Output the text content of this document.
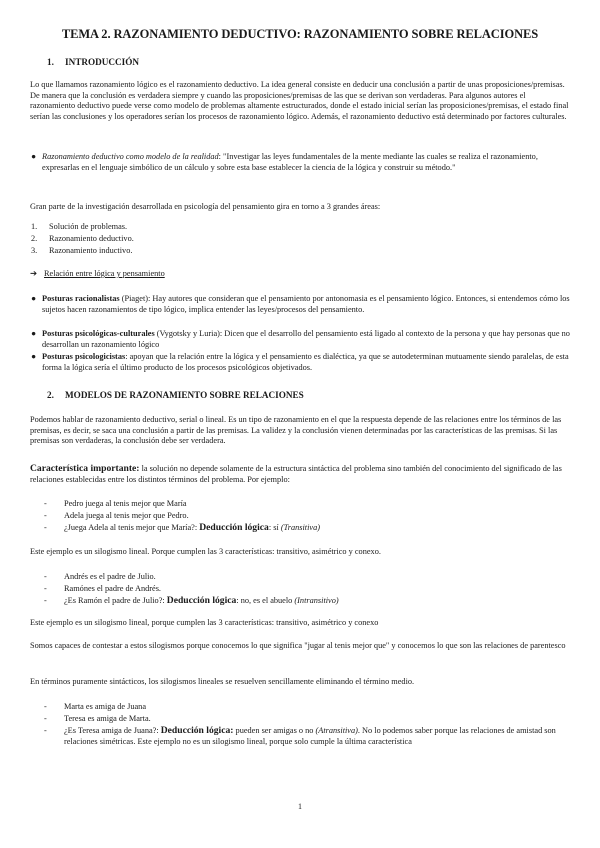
TEMA 2. RAZONAMIENTO DEDUCTIVO: RAZONAMIENTO SOBRE RELACIONES
1. INTRODUCCIÓN
Lo que llamamos razonamiento lógico es el razonamiento deductivo. La idea general consiste en deducir una conclusión a partir de unas proposiciones/premisas. De manera que la conclusión es verdadera siempre y cuando las proposiciones/premisas de las que se derivan son verdaderas. Para algunos autores el razonamiento deductivo puede verse como modelo de problemas altamente estructurados, donde el estado inicial serían las proposiciones/premisas, el estado final serían las conclusiones y los operadores serían los procesos de razonamiento lógico. Además, el razonamiento deductivo está determinado por factores culturales.
● Razonamiento deductivo como modelo de la realidad: "Investigar las leyes fundamentales de la mente mediante las cuales se realiza el razonamiento, expresarlas en el lenguaje simbólico de un cálculo y sobre esta base establecer la ciencia de la lógica y construir su método."
Gran parte de la investigación desarrollada en psicología del pensamiento gira en torno a 3 grandes áreas:
1. Solución de problemas.
2. Razonamiento deductivo.
3. Razonamiento inductivo.
➔ Relación entre lógica y pensamiento
● Posturas racionalistas (Piaget): Hay autores que consideran que el pensamiento por antonomasia es el pensamiento lógico. Entonces, si entendemos cómo los sujetos hacen razonamientos de tipo lógico, implica entender las leyes/procesos del pensamiento.
● Posturas psicológicas-culturales (Vygotsky y Luria): Dicen que el desarrollo del pensamiento está ligado al contexto de la persona y que hay personas que no desarrollan un razonamiento lógico
● Posturas psicologicistas: apoyan que la relación entre la lógica y el pensamiento es dialéctica, ya que se autodeterminan mutuamente siendo paralelas, de esta forma la lógica sería el último producto de los procesos psicológicos objetivados.
2. MODELOS DE RAZONAMIENTO SOBRE RELACIONES
Podemos hablar de razonamiento deductivo, serial o lineal. Es un tipo de razonamiento en el que la respuesta depende de las relaciones entre los términos de las premisas, es decir, se saca una conclusión a partir de las premisas. La validez y la conclusión vienen determinadas por las características de las premisas. Si las premisas son verdaderas, la conclusión debe ser verdadera.
Característica importante: la solución no depende solamente de la estructura sintáctica del problema sino también del conocimiento del significado de las relaciones establecidas entre los distintos términos del problema. Por ejemplo:
- Pedro juega al tenis mejor que María
- Adela juega al tenis mejor que Pedro.
- ¿Juega Adela al tenis mejor que María?: Deducción lógica: sí (Transitiva)
Este ejemplo es un silogismo lineal. Porque cumplen las 3 características: transitivo, asimétrico y conexo.
- Andrés es el padre de Julio.
- Ramónes el padre de Andrés.
- ¿Es Ramón el padre de Julio?: Deducción lógica: no, es el abuelo (Intransitivo)
Este ejemplo es un silogismo lineal, porque cumplen las 3 características: transitivo, asimétrico y conexo
Somos capaces de contestar a estos silogismos porque conocemos lo que significa "jugar al tenis mejor que" y conocemos lo que son las relaciones de parentesco
En términos puramente sintácticos, los silogismos lineales se resuelven sencillamente eliminando el término medio.
- Marta es amiga de Juana
- Teresa es amiga de Marta.
- ¿Es Teresa amiga de Juana?: Deducción lógica: pueden ser amigas o no (Atransitiva). No lo podemos saber porque las relaciones de amistad son relaciones simétricas. Este ejemplo no es un silogismo lineal, porque solo cumple la última característica
1
